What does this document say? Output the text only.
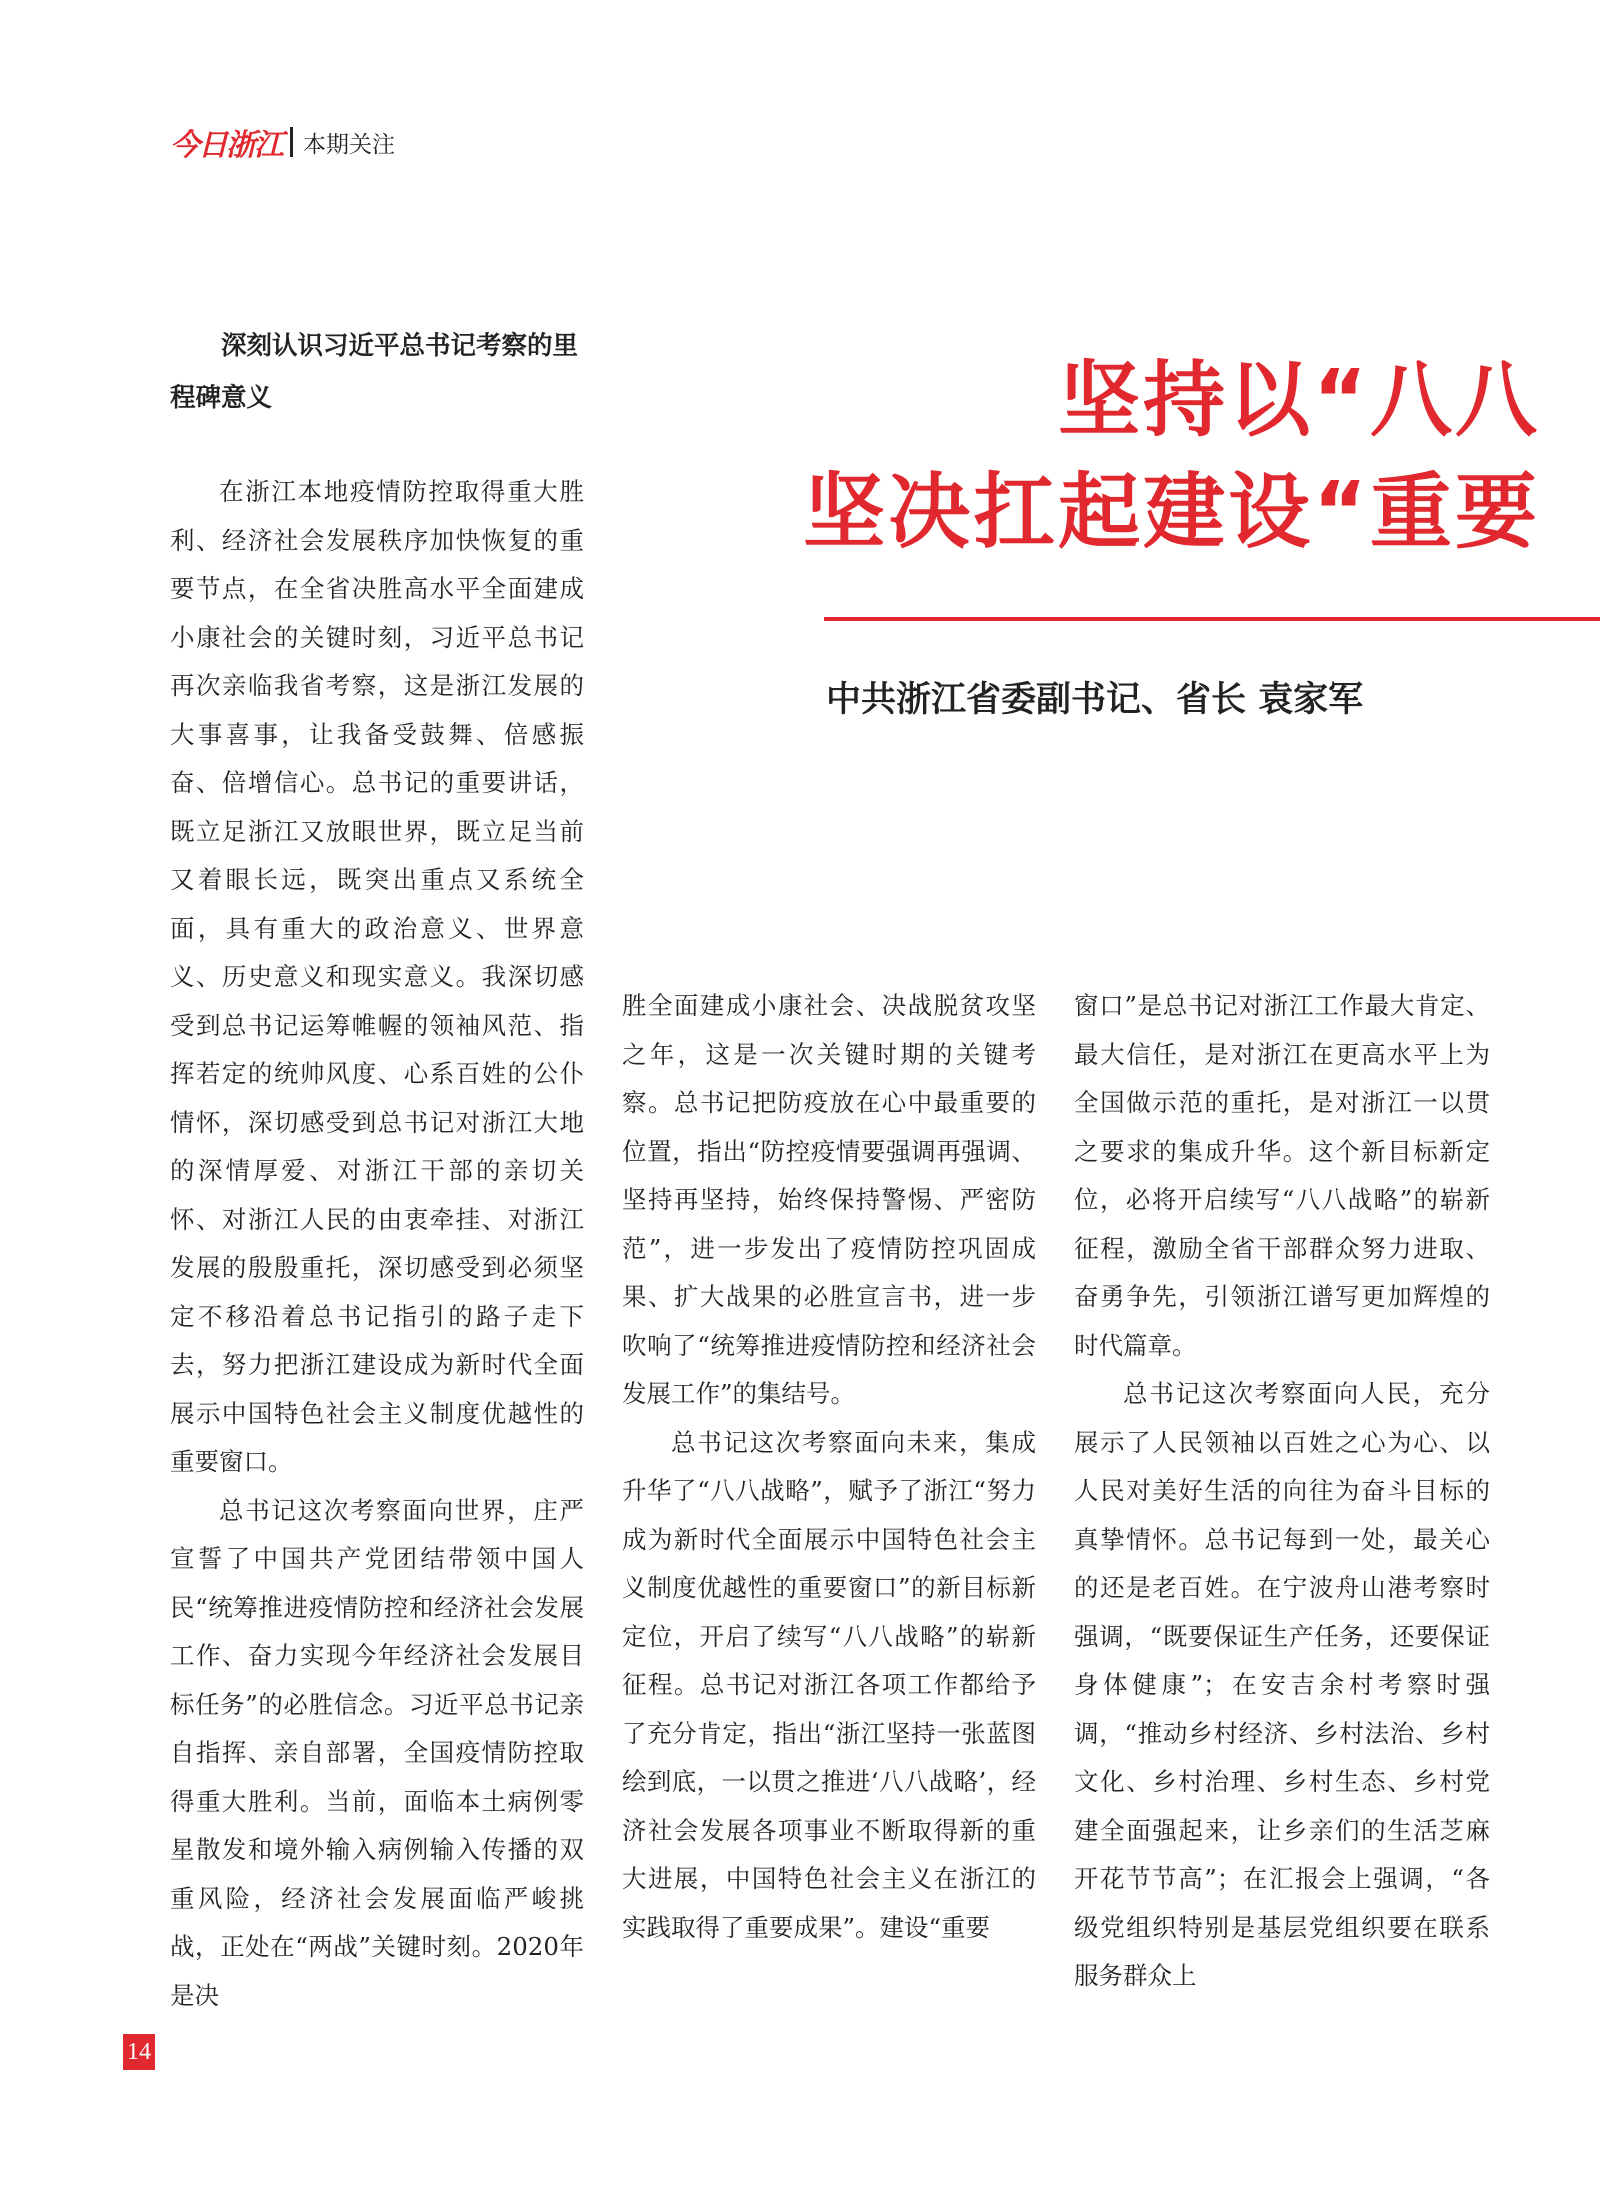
今日浙江 本期关注
坚持以“八八
坚决扛起建设“重要
中共浙江省委副书记、省长 袁家军
深刻认识习近平总书记考察的里程碑意义

在浙江本地疫情防控取得重大胜利、经济社会发展秩序加快恢复的重要节点，在全省决胜高水平全面建成小康社会的关键时刻，习近平总书记再次亲临我省考察，这是浙江发展的大事喜事，让我备受鼓舞、倍感振奋、倍增信心。总书记的重要讲话，既立足浙江又放眼世界，既立足当前又着眼长远，既突出重点又系统全面，具有重大的政治意义、世界意义、历史意义和现实意义。我深切感受到总书记运筹帷幄的领袖风范、指挥若定的统帅风度、心系百姓的公仆情怀，深切感受到总书记对浙江大地的深情厚爱、对浙江干部的亲切关怀、对浙江人民的由衷牵挂、对浙江发展的殷殷重托，深切感受到必须坚定不移沿着总书记指引的路子走下去，努力把浙江建设成为新时代全面展示中国特色社会主义制度优越性的重要窗口。

总书记这次考察面向世界，庄严宣誓了中国共产党团结带领中国人民“统筹推进疫情防控和经济社会发展工作、奋力实现今年经济社会发展目标任务”的必胜信念。习近平总书记亲自指挥、亲自部署，全国疫情防控取得重大胜利。当前，面临本土病例零星散发和境外输入病例输入传播的双重风险，经济社会发展面临严峻挑战，正处在“两战”关键时刻。2020年是决

胜全面建成小康社会、决战脱贫攻坚之年，这是一次关键时期的关键考察。总书记把防疫放在心中最重要的位置，指出“防控疫情要强调再强调、坚持再坚持，始终保持警惕、严密防范”，进一步发出了疫情防控巩固成果、扩大战果的必胜宣言书，进一步吹响了“统筹推进疫情防控和经济社会发展工作”的集结号。

总书记这次考察面向未来，集成升华了“八八战略”，赋予了浙江“努力成为新时代全面展示中国特色社会主义制度优越性的重要窗口”的新目标新定位，开启了续写“八八战略”的崭新征程。总书记对浙江各项工作都给予了充分肯定，指出“浙江坚持一张蓝图绘到底，一以贯之推进‘八八战略’，经济社会发展各项事业不断取得新的重大进展，中国特色社会主义在浙江的实践取得了重要成果”。建设“重要

窗口”是总书记对浙江工作最大肯定、最大信任，是对浙江在更高水平上为全国做示范的重托，是对浙江一以贯之要求的集成升华。这个新目标新定位，必将开启续写“八八战略”的崭新征程，激励全省干部群众努力进取、奋勇争先，引领浙江谱写更加辉煌的时代篇章。

总书记这次考察面向人民，充分展示了人民领袖以百姓之心为心、以人民对美好生活的向往为奋斗目标的真挚情怀。总书记每到一处，最关心的还是老百姓。在宁波舟山港考察时强调，“既要保证生产任务，还要保证身体健康”；在安吉余村考察时强调，“推动乡村经济、乡村法治、乡村文化、乡村治理、乡村生态、乡村党建全面强起来，让乡亲们的生活芝麻开花节节高”；在汇报会上强调，“各级党组织特别是基层党组织要在联系服务群众上

14
